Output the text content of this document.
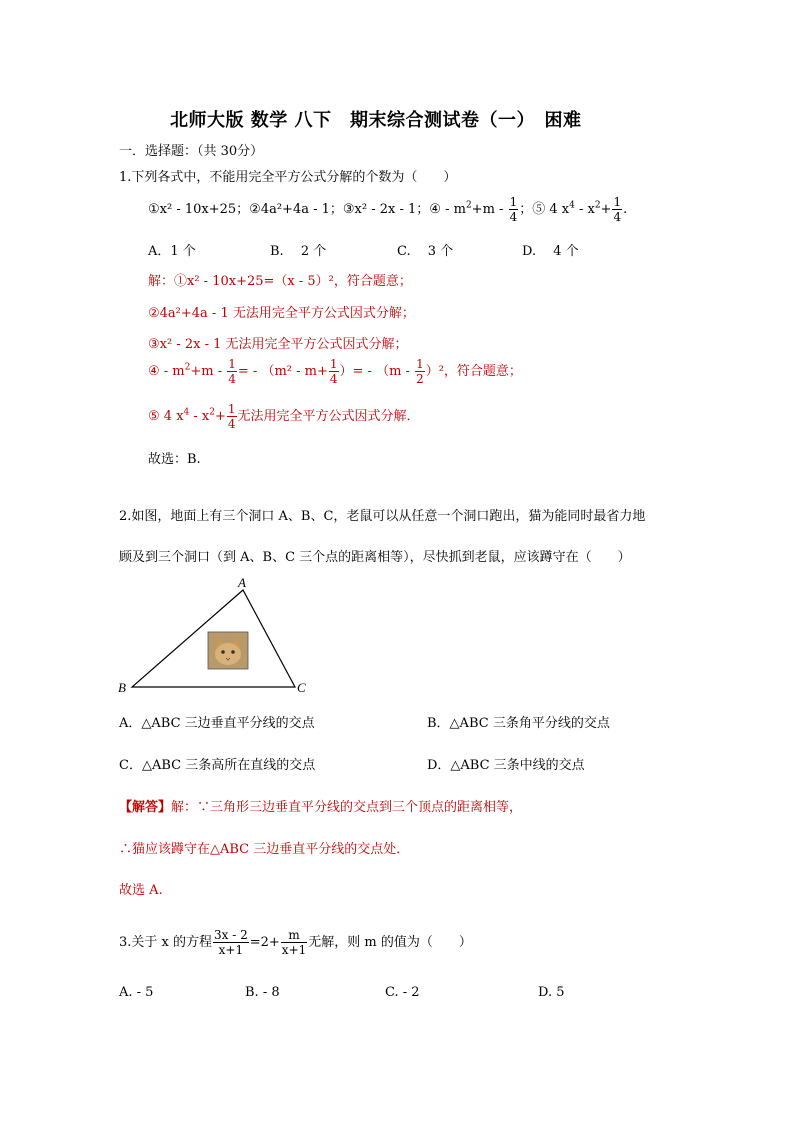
北师大版 数学 八下　期末综合测试卷（一）　困难
一．选择题：（共 30分）
1.下列各式中，不能用完全平方公式分解的个数为（　　）
①x² - 10x+25；②4a²+4a - 1；③x² - 2x - 1；④ - $m^2+m - \frac{1}{4}$ ；⑤ 4 $x^4 - x^2+ \frac{1}{4}$ .
A．1 个	B.　 2 个	C.　 3 个	D.　 4 个
解：①x² - 10x+25=（x - 5）²，符合题意；
②4a²+4a - 1 无法用完全平方公式因式分解；
③x² - 2x - 1 无法用完全平方公式因式分解；
④ - $m^2+m - \frac{1}{4}$ = - （$m^2 - m+ \frac{1}{4}$ ）= - $(m - \frac{1}{2} )^2$，符合题意；
⑤ 4 $x^4 - x^2+ \frac{1}{4}$ 无法用完全平方公式因式分解．
故选：B.
2.如图，地面上有三个洞口 A、B、C，老鼠可以从任意一个洞口跑出，猫为能同时最省力地
顾及到三个洞口（到 A、B、C 三个点的距离相等），尽快抓到老鼠，应该蹲守在（　　）
A
B	C
A．△ABC 三边垂直平分线的交点	B．△ABC 三条角平分线的交点
C．△ABC 三条高所在直线的交点	D．△ABC 三条中线的交点
【解答】解：∵三角形三边垂直平分线的交点到三个顶点的距离相等，
∴猫应该蹲守在△ABC 三边垂直平分线的交点处．
故选 A.
3.关于 x 的方程 $\frac{3x - 2}{x+1} =2+ \frac{m}{x+1}$ 无解，则 m 的值为（　　）
A. - 5	B. - 8	C. - 2	D. 5
